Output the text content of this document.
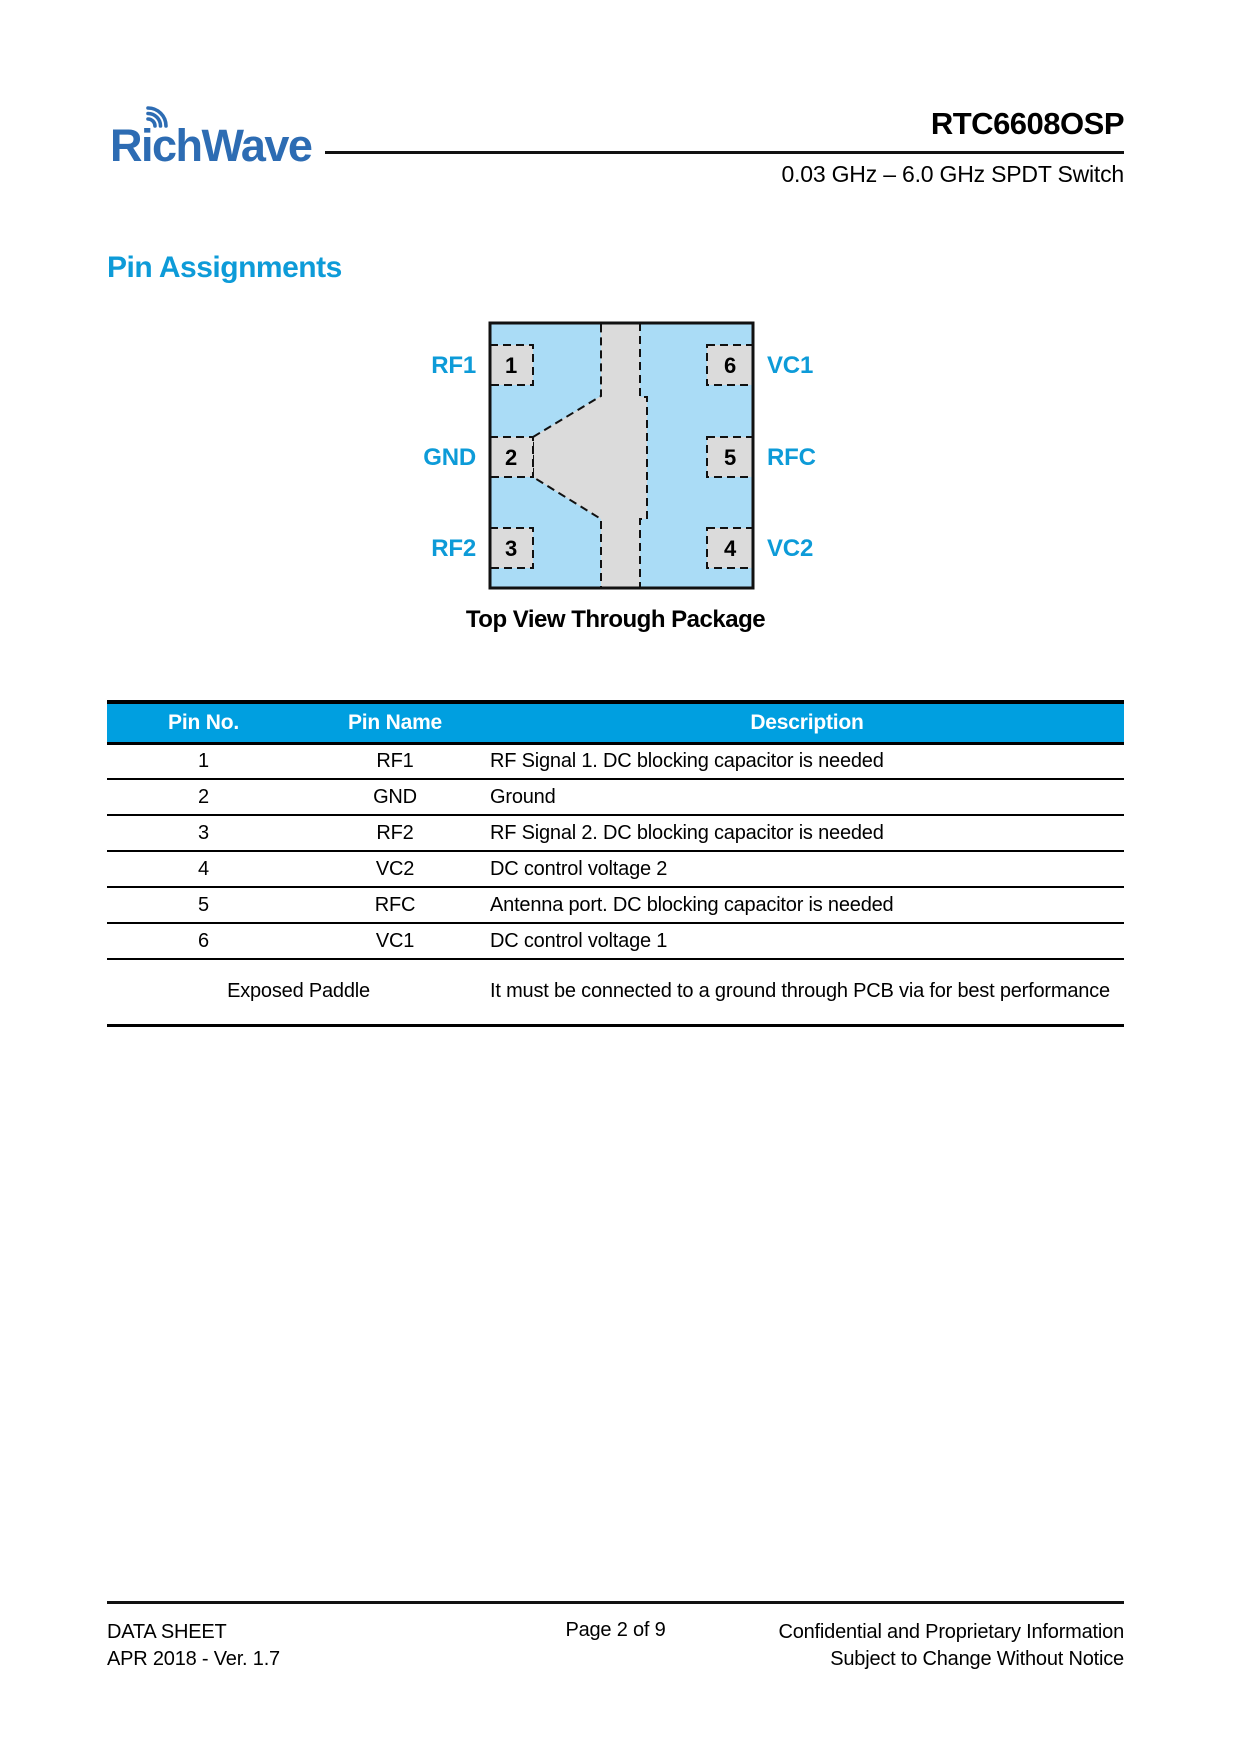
RichWave	RTC6608OSP
0.03 GHz – 6.0 GHz SPDT Switch
Pin Assignments
1
2
3
6
5
4
RF1
GND
RF2
VC1
RFC
VC2
Top View Through Package
Pin No.	Pin Name	Description
1	RF1	RF Signal 1. DC blocking capacitor is needed
2	GND	Ground
3	RF2	RF Signal 2. DC blocking capacitor is needed
4	VC2	DC control voltage 2
5	RFC	Antenna port. DC blocking capacitor is needed
6	VC1	DC control voltage 1
Exposed Paddle		It must be connected to a ground through PCB via for best performance
DATA SHEET
APR 2018 - Ver. 1.7
Page 2 of 9	Confidential and Proprietary Information
Subject to Change Without Notice
